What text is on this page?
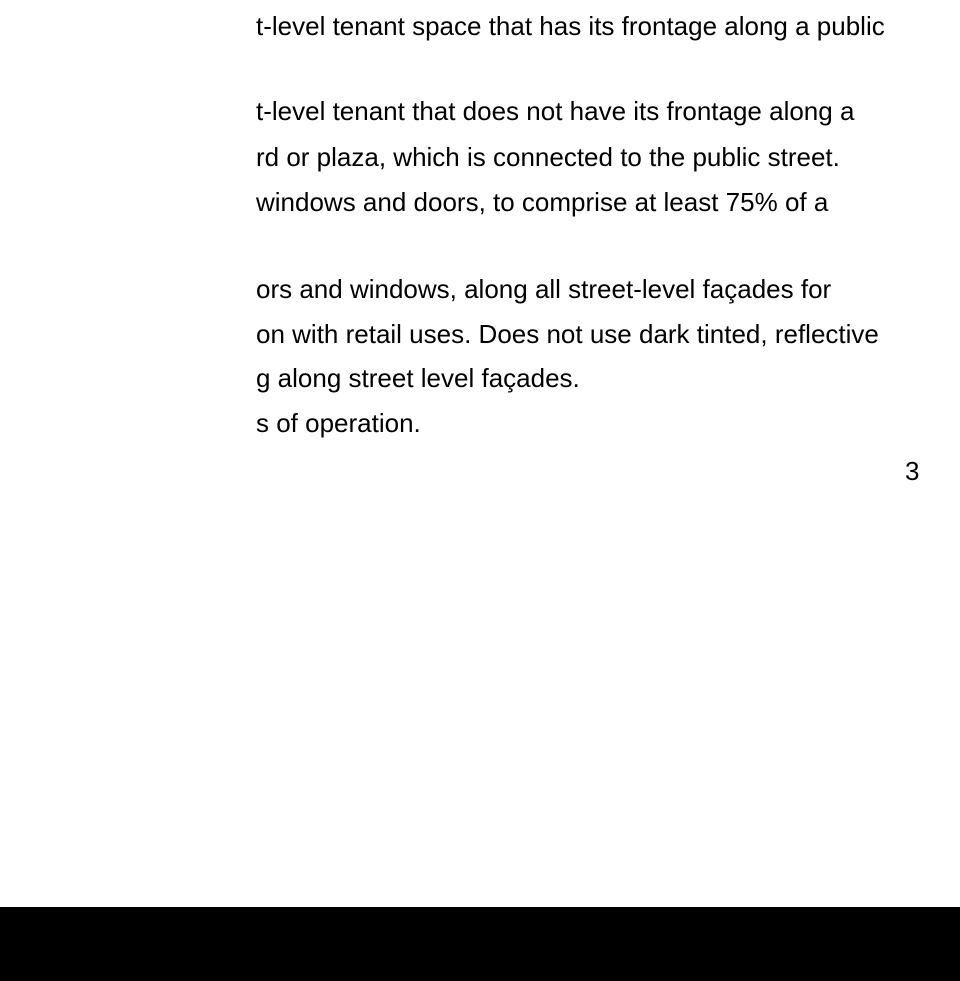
t-level tenant space that has its frontage along a public
t-level tenant that does not have its frontage along a
rd or plaza, which is connected to the public street.
windows and doors, to comprise at least 75% of a
ors and windows, along all street-level façades for
on with retail uses. Does not use dark tinted, reflective
g along street level façades.
s of operation.
3
